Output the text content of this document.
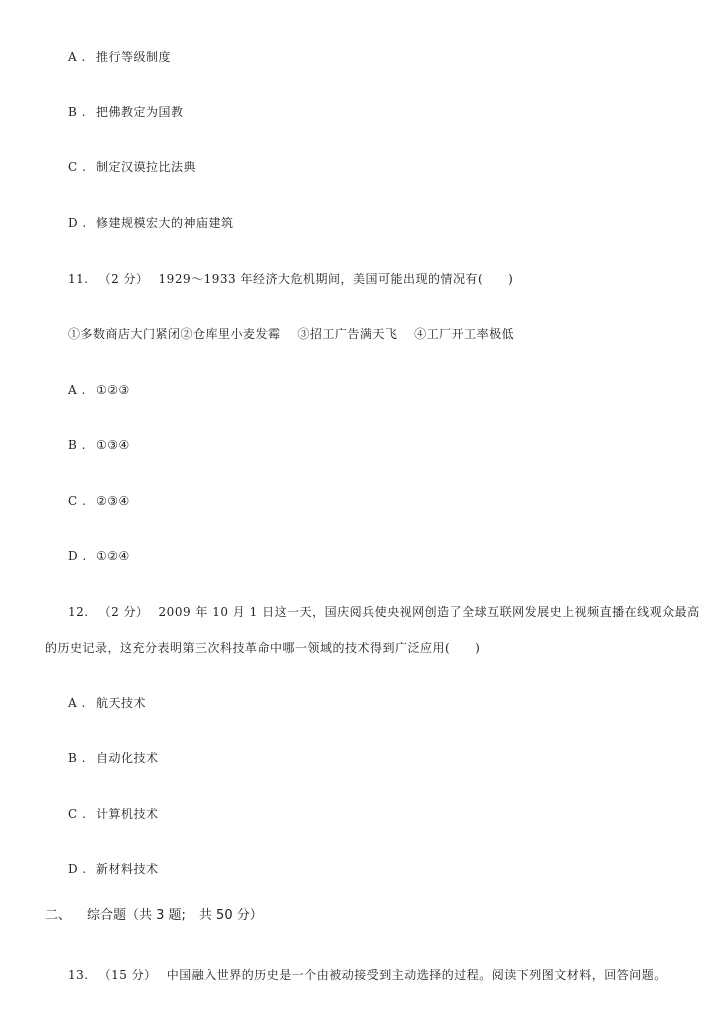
A . 推行等级制度
B . 把佛教定为国教
C . 制定汉谟拉比法典
D . 修建规模宏大的神庙建筑
11. （2 分） 1929～1933 年经济大危机期间，美国可能出现的情况有(　　)
①多数商店大门紧闭②仓库里小麦发霉　 ③招工广告满天飞　 ④工厂开工率极低
A . ①②③
B . ①③④
C . ②③④
D . ①②④
12. （2 分） 2009 年 10 月 1 日这一天，国庆阅兵使央视网创造了全球互联网发展史上视频直播在线观众最高
的历史记录，这充分表明第三次科技革命中哪一领域的技术得到广泛应用(　　)
A . 航天技术
B . 自动化技术
C . 计算机技术
D . 新材料技术
二、 综合题（共 3 题;　共 50 分）
13. （15 分） 中国融入世界的历史是一个由被动接受到主动选择的过程。阅读下列图文材料，回答问题。
